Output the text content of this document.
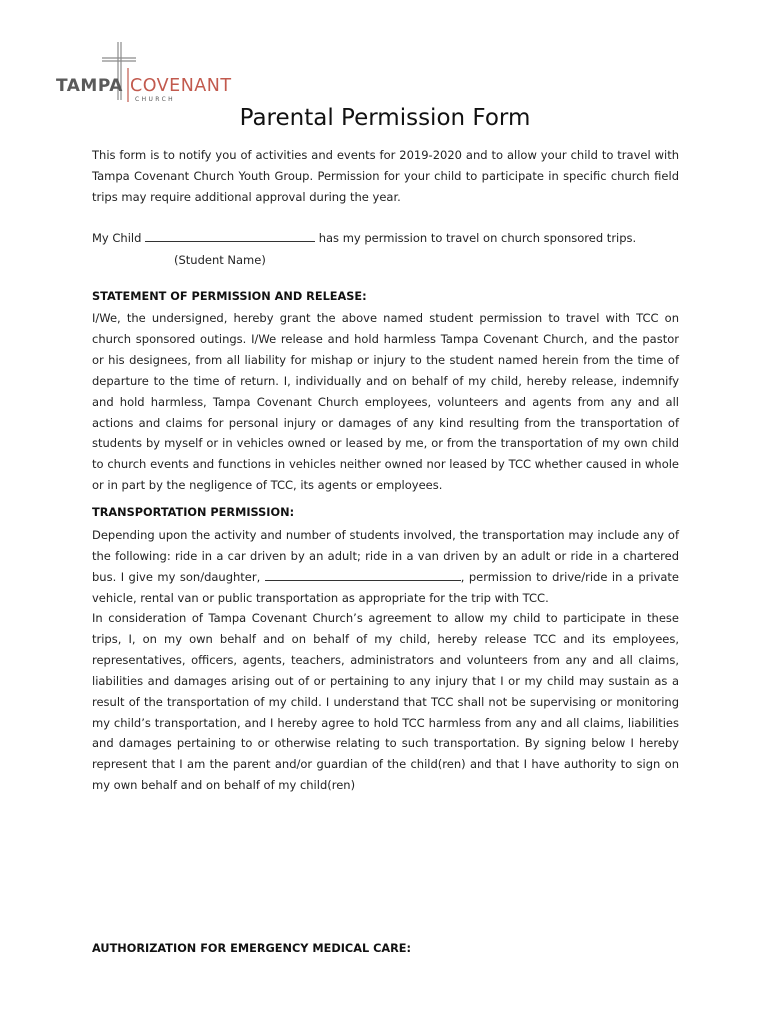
TAMPA COVENANT
CHURCH
Parental Permission Form

This form is to notify you of activities and events for 2019-2020 and to allow your child to travel with Tampa Covenant Church Youth Group. Permission for your child to participate in specific church field trips may require additional approval during the year.

My Child	has my permission to travel on church sponsored trips.

(Student Name)

STATEMENT OF PERMISSION AND RELEASE:

I/We, the undersigned, hereby grant the above named student permission to travel with TCC on church sponsored outings. I/We release and hold harmless Tampa Covenant Church, and the pastor or his designees, from all liability for mishap or injury to the student named herein from the time of departure to the time of return. I, individually and on behalf of my child, hereby release, indemnify and hold harmless, Tampa Covenant Church employees, volunteers and agents from any and all actions and claims for personal injury or damages of any kind resulting from the transportation of students by myself or in vehicles owned or leased by me, or from the transportation of my own child to church events and functions in vehicles neither owned nor leased by TCC whether caused in whole or in part by the negligence of TCC, its agents or employees.

TRANSPORTATION PERMISSION:

Depending upon the activity and number of students involved, the transportation may include any of the following: ride in a car driven by an adult; ride in a van driven by an adult or ride in a chartered bus. I give my son/daughter,	, permission to drive/ride in a private vehicle, rental van or public transportation as appropriate for the trip with TCC.

In consideration of Tampa Covenant Church’s agreement to allow my child to participate in these trips, I, on my own behalf and on behalf of my child, hereby release TCC and its employees, representatives, officers, agents, teachers, administrators and volunteers from any and all claims, liabilities and damages arising out of or pertaining to any injury that I or my child may sustain as a result of the transportation of my child. I understand that TCC shall not be supervising or monitoring my child’s transportation, and I hereby agree to hold TCC harmless from any and all claims, liabilities and damages pertaining to or otherwise relating to such transportation. By signing below I hereby represent that I am the parent and/or guardian of the child(ren) and that I have authority to sign on my own behalf and on behalf of my child(ren)

AUTHORIZATION FOR EMERGENCY MEDICAL CARE:
